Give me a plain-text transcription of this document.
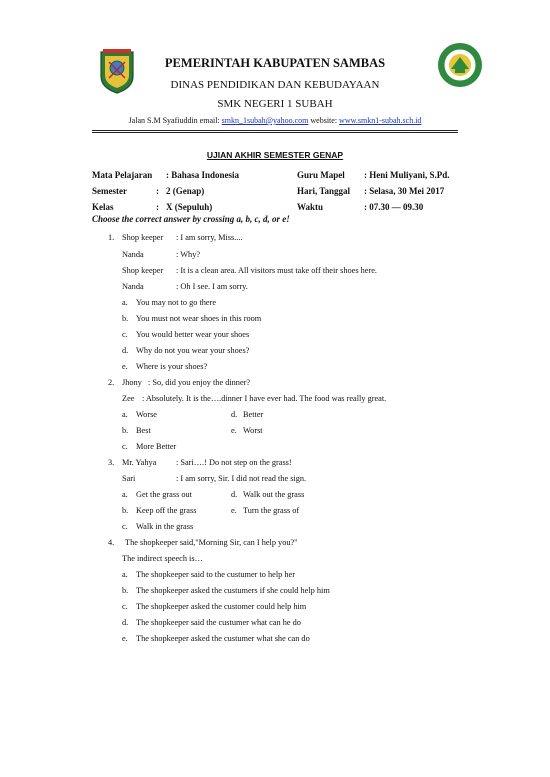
PEMERINTAH KABUPATEN SAMBAS
DINAS PENDIDIKAN DAN KEBUDAYAAN
SMK NEGERI 1 SUBAH
Jalan S.M Syafiuddin email: smkn_1subah@yahoo.com website: www.smkn1-subah.sch.id
UJIAN AKHIR SEMESTER GENAP
Mata Pelajaran : Bahasa Indonesia	Guru Mapel : Heni Muliyani, S.Pd.
Semester	: 2 (Genap)	Hari, Tanggal : Selasa, 30 Mei 2017
Kelas	: X (Sepuluh)	Waktu	: 07.30 — 09.30
Choose the correct answer by crossing a, b, c, d, or e!
1. Shop keeper : I am sorry, Miss....
Nanda	: Why?
Shop keeper : It is a clean area. All visitors must take off their shoes here.
Nanda	: Oh I see. I am sorry.
a. You may not to go there
b. You must not wear shoes in this room
c. You would better wear your shoes
d. Why do not you wear your shoes?
e. Where is your shoes?
2. Jhony : So, did you enjoy the dinner?
Zee : Absolutely. It is the….dinner I have ever had. The food was really great.
a. Worse	d. Better
b. Best	e. Worst
c. More Better
3. Mr. Yahya : Sari….! Do not step on the grass!
Sari	: I am sorry, Sir. I did not read the sign.
a. Get the grass out	d. Walk out the grass
b. Keep off the grass	e. Turn the grass of
c. Walk in the grass
4. The shopkeeper said,"Morning Sir, can I help you?"
The indirect speech is…
a. The shopkeeper said to the custumer to help her
b. The shopkeeper asked the custumers if she could help him
c. The shopkeeper asked the customer could help him
d. The shopkeeper said the custumer what can he do
e. The shopkeeper asked the custumer what she can do
